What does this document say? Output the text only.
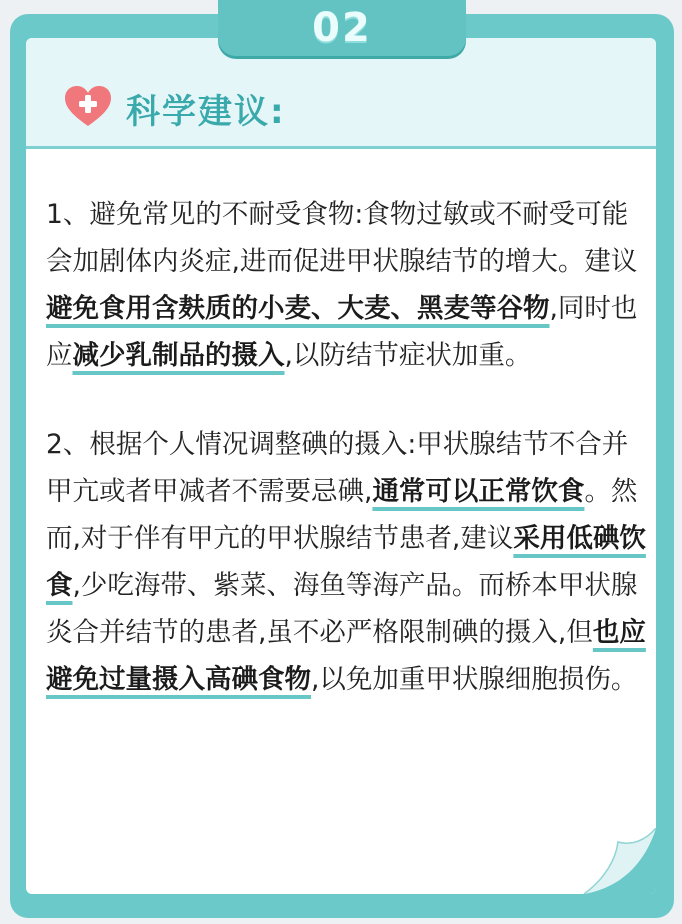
科学建议:

1、避免常见的不耐受食物:食物过敏或不耐受可能会加剧体内炎症,进而促进甲状腺结节的增大。建议避免食用含麸质的小麦、大麦、黑麦等谷物,同时也应减少乳制品的摄入,以防结节症状加重。

2、根据个人情况调整碘的摄入:甲状腺结节不合并甲亢或者甲减者不需要忌碘,通常可以正常饮食。然而,对于伴有甲亢的甲状腺结节患者,建议采用低碘饮食,少吃海带、紫菜、海鱼等海产品。而桥本甲状腺炎合并结节的患者,虽不必严格限制碘的摄入,但也应避免过量摄入高碘食物,以免加重甲状腺细胞损伤。

02
